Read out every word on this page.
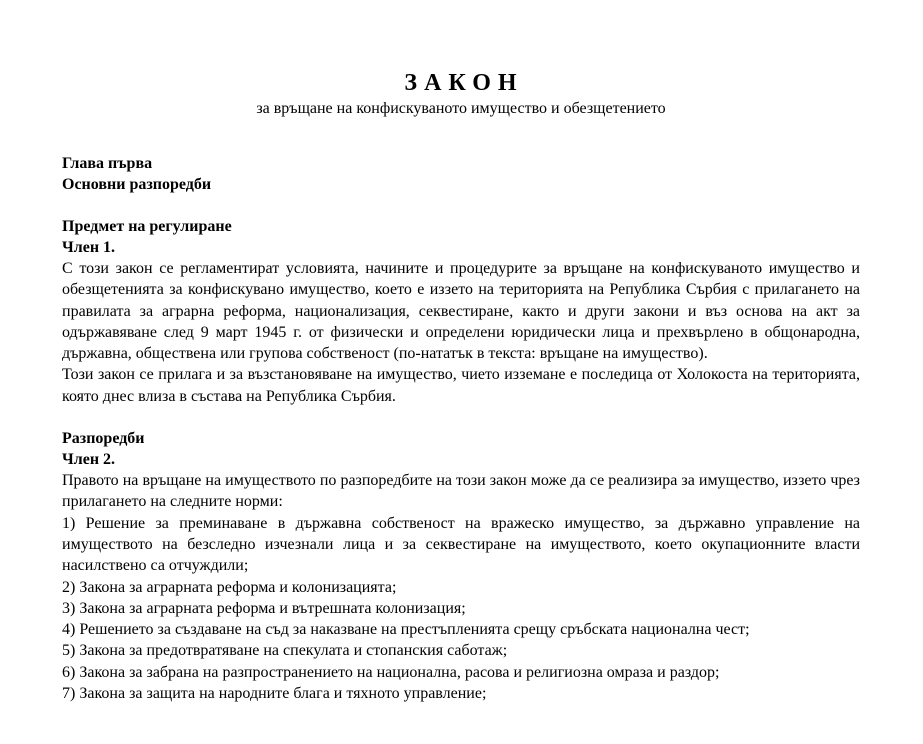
ЗАКОН

за връщане на конфискуваното имущество и обезщетението

Глава първа

Основни разпоредби

Предмет на регулиране

Член 1.

С този закон се регламентират условията, начините и процедурите за връщане на конфискуваното имущество и обезщетенията за конфискувано имущество, което е иззето на територията на Република Сърбия с прилагането на правилата за аграрна реформа, национализация, секвестиране, както и други закони и въз основа на акт за одържавяване след 9 март 1945 г. от физически и определени юридически лица и прехвърлено в общонародна, държавна, обществена или групова собственост (по-нататък в текста: връщане на имущество).

Този закон се прилага и за възстановяване на имущество, чието изземане е последица от Холокоста на територията, която днес влиза в състава на Република Сърбия.

Разпоредби

Член 2.

Правото на връщане на имуществото по разпоредбите на този закон може да се реализира за имущество, иззето чрез прилагането на следните норми:

1) Решение за преминаване в държавна собственост на вражеско имущество, за държавно управление на имуществото на безследно изчезнали лица и за секвестиране на имуществото, което окупационните власти насилствено са отчуждили;

2) Закона за аграрната реформа и колонизацията;

3) Закона за аграрната реформа и вътрешната колонизация;

4) Решението за създаване на съд за наказване на престъпленията срещу сръбската национална чест;

5) Закона за предотвратяване на спекулата и стопанския саботаж;

6) Закона за забрана на разпространението на национална, расова и религиозна омраза и раздор;

7) Закона за защита на народните блага и тяхното управление;
